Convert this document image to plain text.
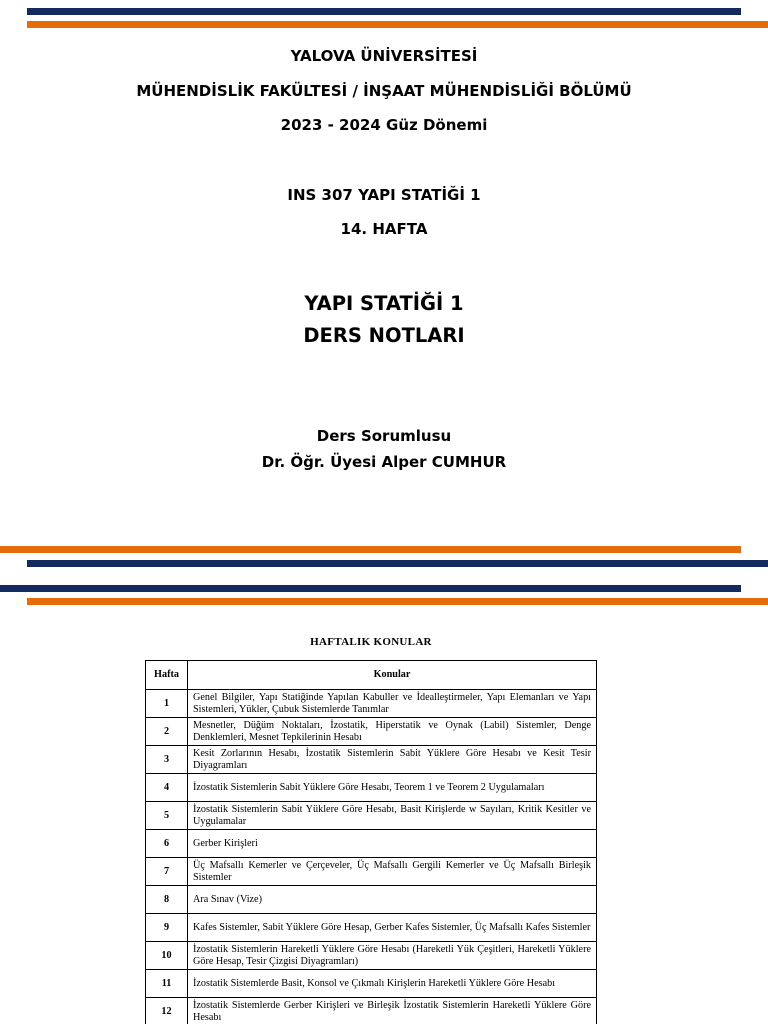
YALOVA ÜNİVERSİTESİ
MÜHENDİSLİK FAKÜLTESİ / İNŞAAT MÜHENDİSLİĞİ BÖLÜMÜ
2023 - 2024 Güz Dönemi
INS 307 YAPI STATİĞİ 1
14. HAFTA
YAPI STATİĞİ 1
DERS NOTLARI
Ders Sorumlusu
Dr. Öğr. Üyesi Alper CUMHUR
HAFTALIK KONULAR
Hafta	Konular
1	Genel Bilgiler, Yapı Statiğinde Yapılan Kabuller ve İdealleştirmeler, Yapı Elemanları ve Yapı Sistemleri, Yükler, Çubuk Sistemlerde Tanımlar
2	Mesnetler, Düğüm Noktaları, İzostatik, Hiperstatik ve Oynak (Labil) Sistemler, Denge Denklemleri, Mesnet Tepkilerinin Hesabı
3	Kesit Zorlarının Hesabı, İzostatik Sistemlerin Sabit Yüklere Göre Hesabı ve Kesit Tesir Diyagramları
4	İzostatik Sistemlerin Sabit Yüklere Göre Hesabı, Teorem 1 ve Teorem 2 Uygulamaları
5	İzostatik Sistemlerin Sabit Yüklere Göre Hesabı, Basit Kirişlerde w Sayıları, Kritik Kesitler ve Uygulamalar
6	Gerber Kirişleri
7	Üç Mafsallı Kemerler ve Çerçeveler, Üç Mafsallı Gergili Kemerler ve Üç Mafsallı Birleşik Sistemler
8	Ara Sınav (Vize)
9	Kafes Sistemler, Sabit Yüklere Göre Hesap, Gerber Kafes Sistemler, Üç Mafsallı Kafes Sistemler
10	İzostatik Sistemlerin Hareketli Yüklere Göre Hesabı (Hareketli Yük Çeşitleri, Hareketli Yüklere Göre Hesap, Tesir Çizgisi Diyagramları)
11	İzostatik Sistemlerde Basit, Konsol ve Çıkmalı Kirişlerin Hareketli Yüklere Göre Hesabı
12	İzostatik Sistemlerde Gerber Kirişleri ve Birleşik İzostatik Sistemlerin Hareketli Yüklere Göre Hesabı
